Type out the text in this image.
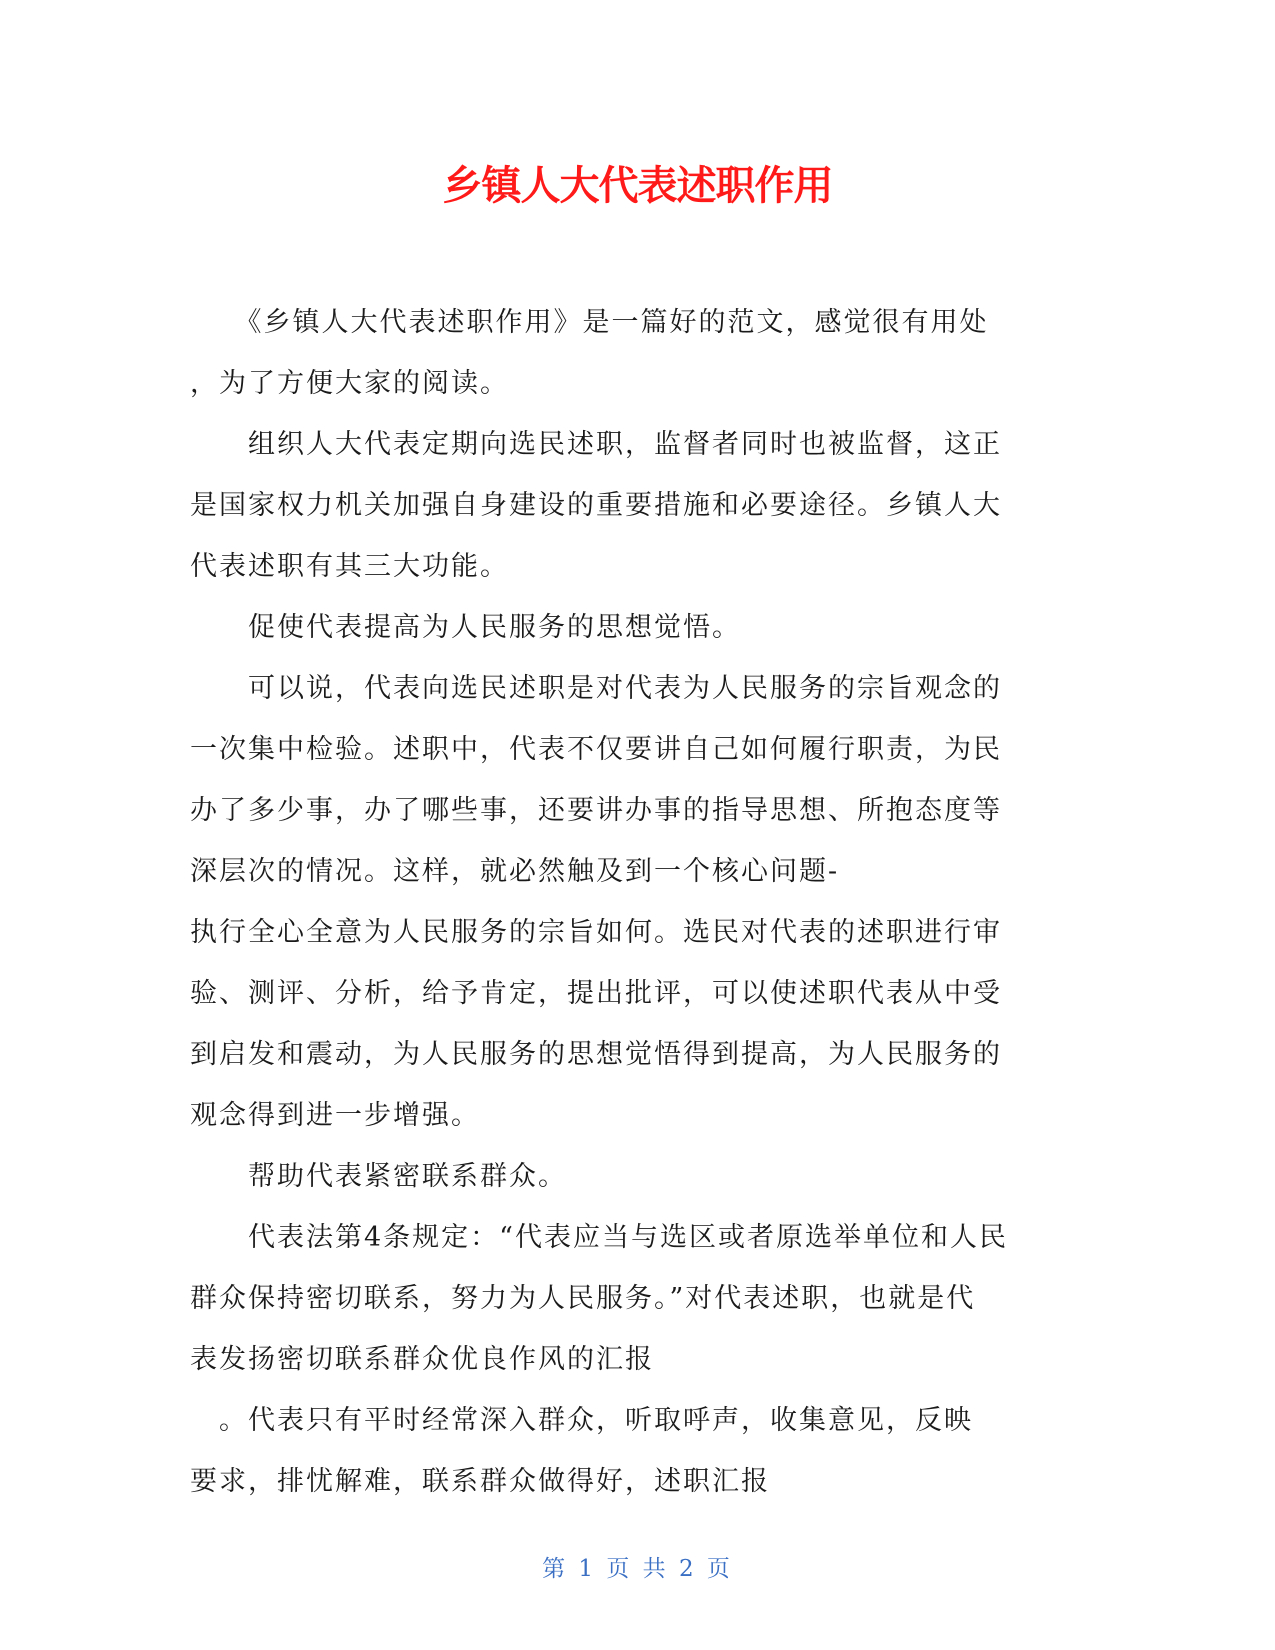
乡镇人大代表述职作用
　　《乡镇人大代表述职作用》是一篇好的范文，感觉很有用处
，为了方便大家的阅读。
　　组织人大代表定期向选民述职，监督者同时也被监督，这正
是国家权力机关加强自身建设的重要措施和必要途径。乡镇人大
代表述职有其三大功能。
　　促使代表提高为人民服务的思想觉悟。
　　可以说，代表向选民述职是对代表为人民服务的宗旨观念的
一次集中检验。述职中，代表不仅要讲自己如何履行职责，为民
办了多少事，办了哪些事，还要讲办事的指导思想、所抱态度等
深层次的情况。这样，就必然触及到一个核心问题-
执行全心全意为人民服务的宗旨如何。选民对代表的述职进行审
验、测评、分析，给予肯定，提出批评，可以使述职代表从中受
到启发和震动，为人民服务的思想觉悟得到提高，为人民服务的
观念得到进一步增强。
　　帮助代表紧密联系群众。
　　代表法第4条规定：“代表应当与选区或者原选举单位和人民
群众保持密切联系，努力为人民服务。”对代表述职，也就是代
表发扬密切联系群众优良作风的汇报
　。代表只有平时经常深入群众，听取呼声，收集意见，反映
要求，排忧解难，联系群众做得好，述职汇报
第 1 页 共 2 页
